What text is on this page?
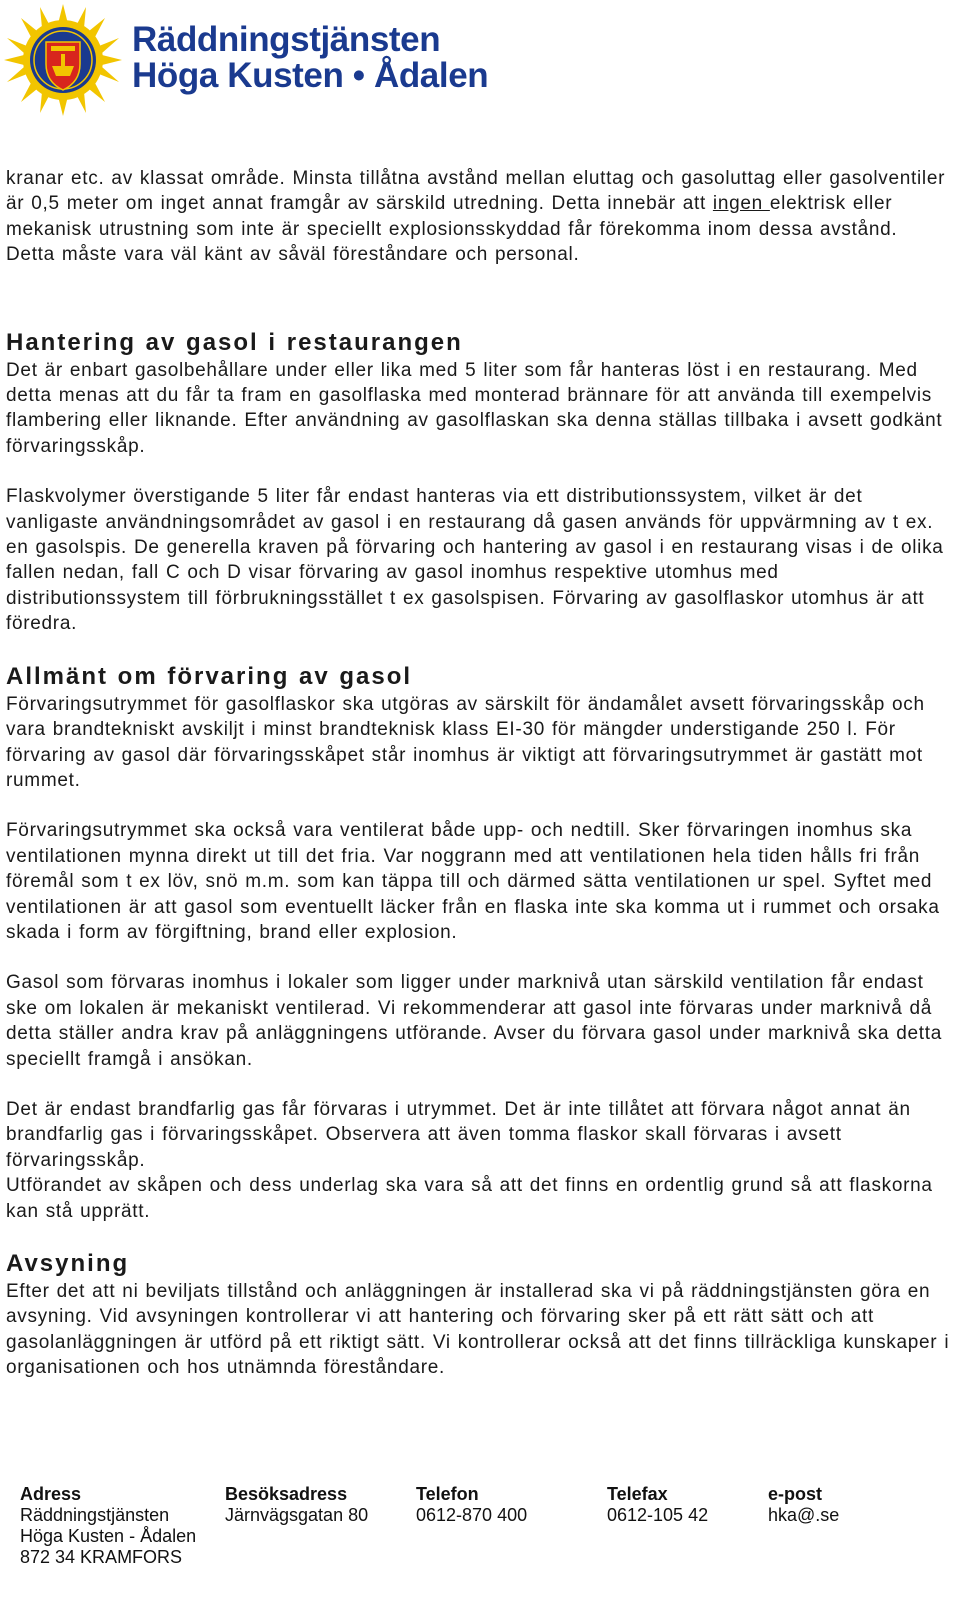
Räddningstjänsten
Höga Kusten • Ådalen

kranar etc. av klassat område. Minsta tillåtna avstånd mellan eluttag och gasoluttag eller gasolventiler är 0,5 meter om inget annat framgår av särskild utredning. Detta innebär att ingen elektrisk eller mekanisk utrustning som inte är speciellt explosionsskyddad får förekomma inom dessa avstånd. Detta måste vara väl känt av såväl föreståndare och personal.

Hantering av gasol i restaurangen

Det är enbart gasolbehållare under eller lika med 5 liter som får hanteras löst i en restaurang. Med detta menas att du får ta fram en gasolflaska med monterad brännare för att använda till exempelvis flambering eller liknande. Efter användning av gasolflaskan ska denna ställas tillbaka i avsett godkänt förvaringsskåp.

Flaskvolymer överstigande 5 liter får endast hanteras via ett distributionssystem, vilket är det vanligaste användningsområdet av gasol i en restaurang då gasen används för uppvärmning av t ex. en gasolspis. De generella kraven på förvaring och hantering av gasol i en restaurang visas i de olika fallen nedan, fall C och D visar förvaring av gasol inomhus respektive utomhus med distributionssystem till förbrukningsstället t ex gasolspisen. Förvaring av gasolflaskor utomhus är att föredra.

Allmänt om förvaring av gasol

Förvaringsutrymmet för gasolflaskor ska utgöras av särskilt för ändamålet avsett förvaringsskåp och vara brandtekniskt avskiljt i minst brandteknisk klass EI-30 för mängder understigande 250 l. För förvaring av gasol där förvaringsskåpet står inomhus är viktigt att förvaringsutrymmet är gastätt mot rummet.

Förvaringsutrymmet ska också vara ventilerat både upp- och nedtill. Sker förvaringen inomhus ska ventilationen mynna direkt ut till det fria. Var noggrann med att ventilationen hela tiden hålls fri från föremål som t ex löv, snö m.m. som kan täppa till och därmed sätta ventilationen ur spel. Syftet med ventilationen är att gasol som eventuellt läcker från en flaska inte ska komma ut i rummet och orsaka skada i form av förgiftning, brand eller explosion.

Gasol som förvaras inomhus i lokaler som ligger under marknivå utan särskild ventilation får endast ske om lokalen är mekaniskt ventilerad. Vi rekommenderar att gasol inte förvaras under marknivå då detta ställer andra krav på anläggningens utförande. Avser du förvara gasol under marknivå ska detta speciellt framgå i ansökan.

Det är endast brandfarlig gas får förvaras i utrymmet. Det är inte tillåtet att förvara något annat än brandfarlig gas i förvaringsskåpet. Observera att även tomma flaskor skall förvaras i avsett förvaringsskåp.

Utförandet av skåpen och dess underlag ska vara så att det finns en ordentlig grund så att flaskorna kan stå upprätt.

Avsyning

Efter det att ni beviljats tillstånd och anläggningen är installerad ska vi på räddningstjänsten göra en avsyning. Vid avsyningen kontrollerar vi att hantering och förvaring sker på ett rätt sätt och att gasolanläggningen är utförd på ett riktigt sätt. Vi kontrollerar också att det finns tillräckliga kunskaper i organisationen och hos utnämnda föreståndare.

Adress
Räddningstjänsten
Höga Kusten - Ådalen
872 34 KRAMFORS
Besöksadress
Järnvägsgatan 80
Telefon
0612-870 400
Telefax
0612-105 42
e-post
hka@.se
